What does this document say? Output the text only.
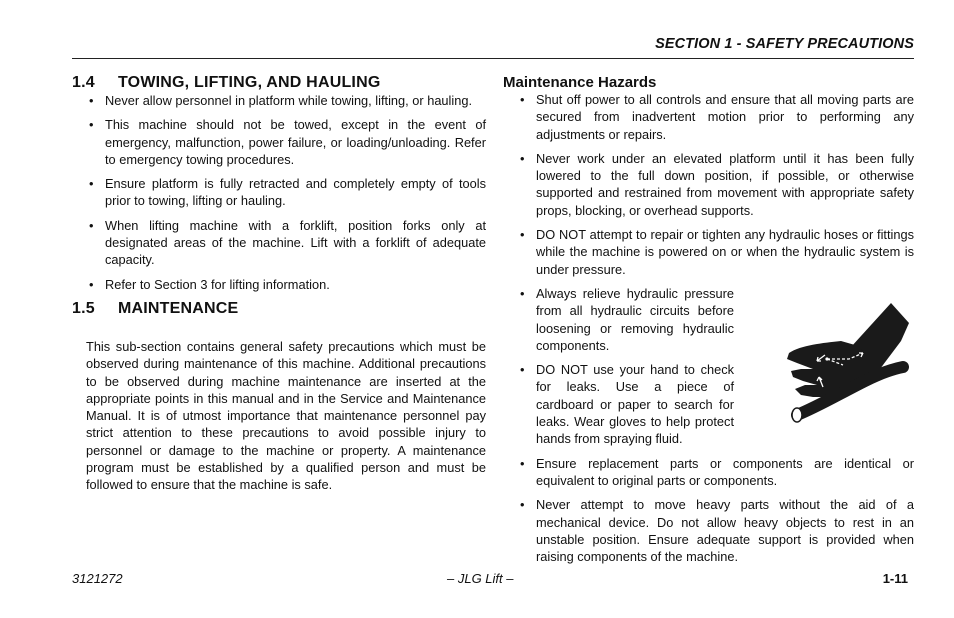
SECTION 1 - SAFETY PRECAUTIONS
1.4	TOWING, LIFTING, AND HAULING
• Never allow personnel in platform while towing, lifting, or hauling.
• This machine should not be towed, except in the event of emergency, malfunction, power failure, or loading/unloading. Refer to emergency towing procedures.
• Ensure platform is fully retracted and completely empty of tools prior to towing, lifting or hauling.
• When lifting machine with a forklift, position forks only at designated areas of the machine. Lift with a forklift of adequate capacity.
• Refer to Section 3 for lifting information.
1.5	MAINTENANCE

This sub-section contains general safety precautions which must be observed during maintenance of this machine. Additional precautions to be observed during machine maintenance are inserted at the appropriate points in this manual and in the Service and Maintenance Manual. It is of utmost importance that maintenance personnel pay strict attention to these precautions to avoid possible injury to personnel or damage to the machine or property. A maintenance program must be established by a qualified person and must be followed to ensure that the machine is safe.

Maintenance Hazards
• Shut off power to all controls and ensure that all moving parts are secured from inadvertent motion prior to performing any adjustments or repairs.
• Never work under an elevated platform until it has been fully lowered to the full down position, if possible, or otherwise supported and restrained from movement with appropriate safety props, blocking, or overhead supports.
• DO NOT attempt to repair or tighten any hydraulic hoses or fittings while the machine is powered on or when the hydraulic system is under pressure.
• Always relieve hydraulic pressure from all hydraulic circuits before loosening or removing hydraulic components.
• DO NOT use your hand to check for leaks. Use a piece of cardboard or paper to search for leaks. Wear gloves to help protect hands from spraying fluid.
• Ensure replacement parts or components are identical or equivalent to original parts or components.
• Never attempt to move heavy parts without the aid of a mechanical device. Do not allow heavy objects to rest in an unstable position. Ensure adequate support is provided when raising components of the machine.
3121272	– JLG Lift –	1-11
